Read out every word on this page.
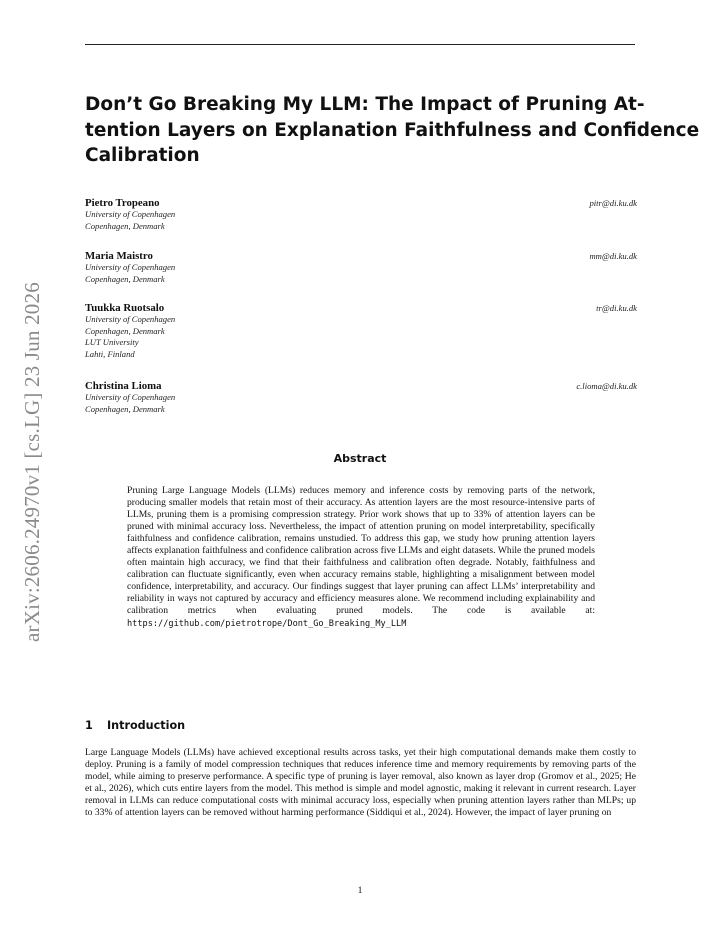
arXiv:2606.24970v1 [cs.LG] 23 Jun 2026
Don’t Go Breaking My LLM: The Impact of Pruning At-
tention Layers on Explanation Faithfulness and Confidence
Calibration
Pietro Tropeano	pitr@di.ku.dk
University of Copenhagen
Copenhagen, Denmark
Maria Maistro	mm@di.ku.dk
University of Copenhagen
Copenhagen, Denmark
Tuukka Ruotsalo	tr@di.ku.dk
University of Copenhagen
Copenhagen, Denmark
LUT University
Lahti, Finland
Christina Lioma	c.lioma@di.ku.dk
University of Copenhagen
Copenhagen, Denmark
Abstract
Pruning Large Language Models (LLMs) reduces memory and inference costs by removing parts of the network, producing smaller models that retain most of their accuracy. As attention layers are the most resource-intensive parts of LLMs, pruning them is a promising compression strategy. Prior work shows that up to 33% of attention layers can be pruned with minimal accuracy loss. Nevertheless, the impact of attention pruning on model interpretability, specifically faithfulness and confidence calibration, remains unstudied. To address this gap, we study how pruning attention layers affects explanation faithfulness and confidence calibration across five LLMs and eight datasets. While the pruned models often maintain high accuracy, we find that their faithfulness and calibration often degrade. Notably, faithfulness and calibration can fluctuate significantly, even when accuracy remains stable, highlighting a misalignment between model confidence, interpretability, and accuracy. Our findings suggest that layer pruning can affect LLMs’ interpretability and reliability in ways not captured by accuracy and efficiency measures alone. We recommend including explainability and calibration metrics when evaluating pruned models. The code is available at: https://github.com/pietrotrope/Dont_Go_Breaking_My_LLM
1 Introduction
Large Language Models (LLMs) have achieved exceptional results across tasks, yet their high computational demands make them costly to deploy. Pruning is a family of model compression techniques that reduces inference time and memory requirements by removing parts of the model, while aiming to preserve performance. A specific type of pruning is layer removal, also known as layer drop (Gromov et al., 2025; He et al., 2026), which cuts entire layers from the model. This method is simple and model agnostic, making it relevant in current research. Layer removal in LLMs can reduce computational costs with minimal accuracy loss, especially when pruning attention layers rather than MLPs; up to 33% of attention layers can be removed without harming performance (Siddiqui et al., 2024). However, the impact of layer pruning on
1
